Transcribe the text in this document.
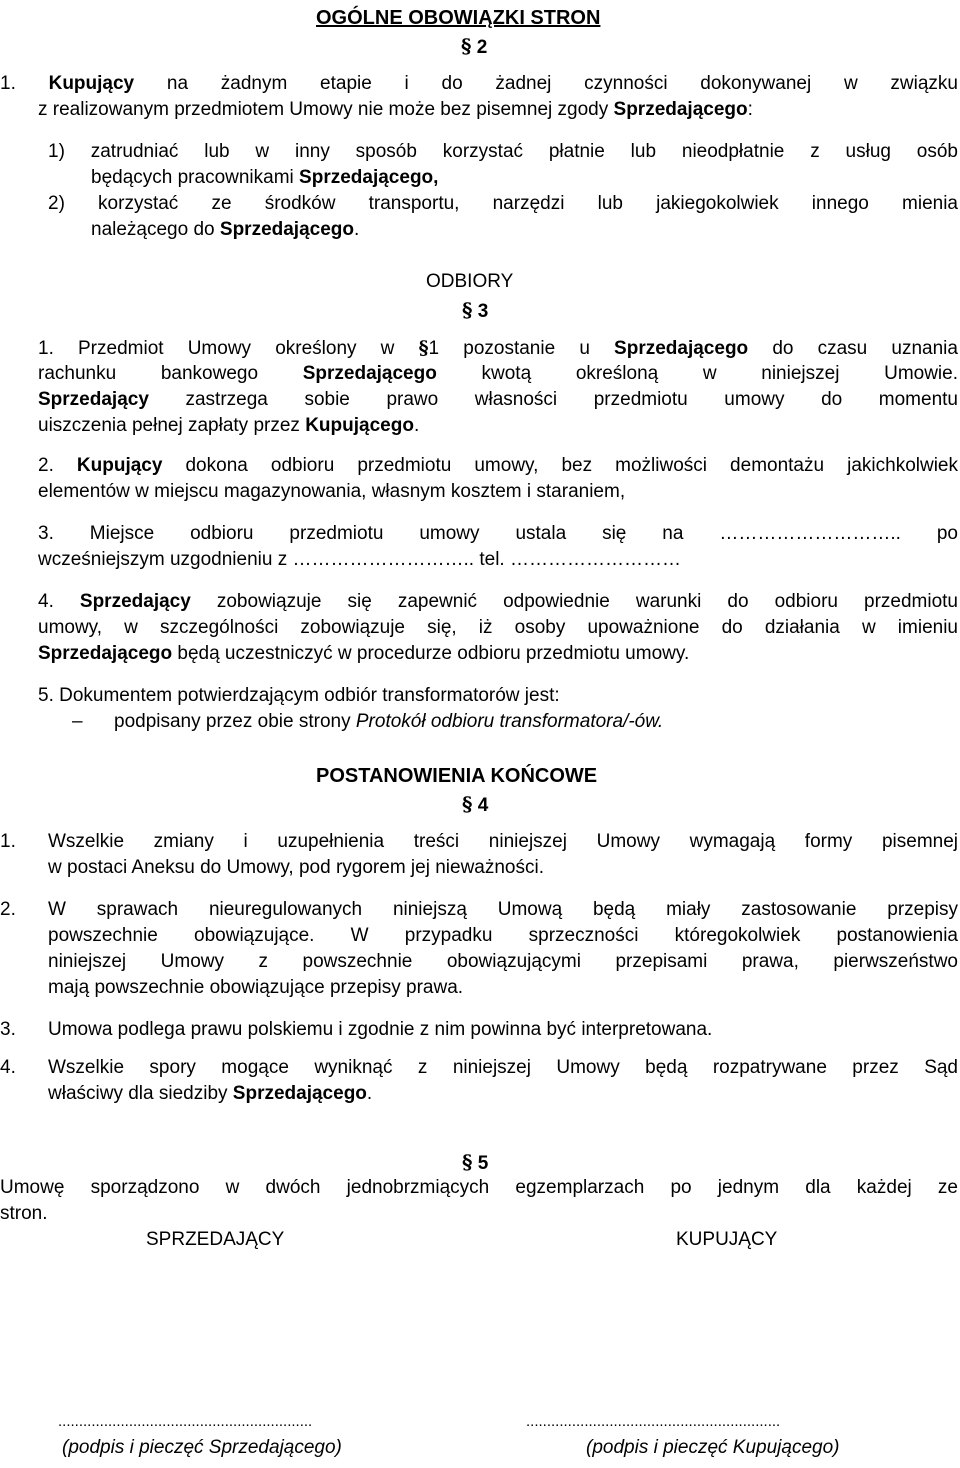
OGÓLNE OBOWIĄZKI STRON
§ 2
1. Kupujący na żadnym etapie i do żadnej czynności dokonywanej w związku
z realizowanym przedmiotem Umowy nie może bez pisemnej zgody Sprzedającego:
1) zatrudniać lub w inny sposób korzystać płatnie lub nieodpłatnie z usług osób
będących pracownikami Sprzedającego,
2) korzystać ze środków transportu, narzędzi lub jakiegokolwiek innego mienia
należącego do Sprzedającego.
ODBIORY
§ 3
1. Przedmiot Umowy określony w §1 pozostanie u Sprzedającego do czasu uznania
rachunku bankowego Sprzedającego kwotą określoną w niniejszej Umowie.
Sprzedający zastrzega sobie prawo własności przedmiotu umowy do momentu
uiszczenia pełnej zapłaty przez Kupującego.
2. Kupujący dokona odbioru przedmiotu umowy, bez możliwości demontażu jakichkolwiek
elementów w miejscu magazynowania, własnym kosztem i staraniem,
3. Miejsce odbioru przedmiotu umowy ustala się na ……………………….. po
wcześniejszym uzgodnieniu z ……………………….. tel. ………………………
4. Sprzedający zobowiązuje się zapewnić odpowiednie warunki do odbioru przedmiotu
umowy, w szczególności zobowiązuje się, iż osoby upoważnione do działania w imieniu
Sprzedającego będą uczestniczyć w procedurze odbioru przedmiotu umowy.
5. Dokumentem potwierdzającym odbiór transformatorów jest:
– podpisany przez obie strony Protokół odbioru transformatora/-ów.
POSTANOWIENIA KOŃCOWE
§ 4
1. Wszelkie zmiany i uzupełnienia treści niniejszej Umowy wymagają formy pisemnej
w postaci Aneksu do Umowy, pod rygorem jej nieważności.
2. W sprawach nieuregulowanych niniejszą Umową będą miały zastosowanie przepisy
powszechnie obowiązujące. W przypadku sprzeczności któregokolwiek postanowienia
niniejszej Umowy z powszechnie obowiązującymi przepisami prawa, pierwszeństwo
mają powszechnie obowiązujące przepisy prawa.
3. Umowa podlega prawu polskiemu i zgodnie z nim powinna być interpretowana.
4. Wszelkie spory mogące wyniknąć z niniejszej Umowy będą rozpatrywane przez Sąd
właściwy dla siedziby Sprzedającego.
§ 5
Umowę sporządzono w dwóch jednobrzmiących egzemplarzach po jednym dla każdej ze
stron.
SPRZEDAJĄCY	KUPUJĄCY
.............................................................	.............................................................
(podpis i pieczęć Sprzedającego)	(podpis i pieczęć Kupującego)
